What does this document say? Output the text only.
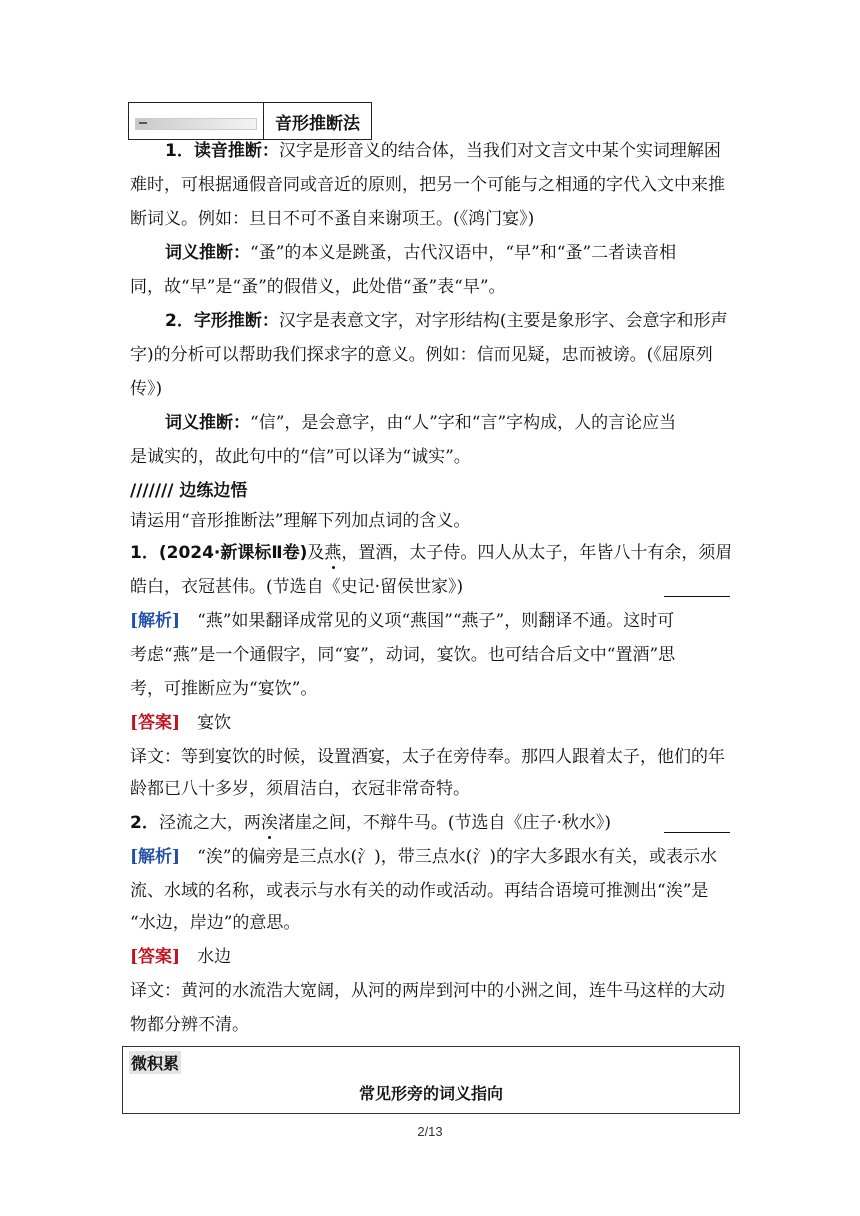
音形推断法
1．读音推断：汉字是形音义的结合体，当我们对文言文中某个实词理解困
难时，可根据通假音同或音近的原则，把另一个可能与之相通的字代入文中来推
断词义。例如：旦日不可不蚤自来谢项王。(《鸿门宴》)
词义推断：“蚤”的本义是跳蚤，古代汉语中，“早”和“蚤”二者读音相
同，故“早”是“蚤”的假借义，此处借“蚤”表“早”。
2．字形推断：汉字是表意文字，对字形结构(主要是象形字、会意字和形声
字)的分析可以帮助我们探求字的意义。例如：信而见疑，忠而被谤。(《屈原列
传》)
词义推断：“信”，是会意字，由“人”字和“言”字构成，人的言论应当
是诚实的，故此句中的“信”可以译为“诚实”。
/////// 边练边悟
请运用“音形推断法”理解下列加点词的含义。
1．(2024·新课标Ⅱ卷)及燕，置酒，太子侍。四人从太子，年皆八十有余，须眉
皓白，衣冠甚伟。(节选自《史记·留侯世家》)
[解析]　 “燕”如果翻译成常见的义项“燕国”“燕子”，则翻译不通。这时可
考虑“燕”是一个通假字，同“宴”，动词，宴饮。也可结合后文中“置酒”思
考，可推断应为“宴饮”。
[答案]　 宴饮
译文：等到宴饮的时候，设置酒宴，太子在旁侍奉。那四人跟着太子，他们的年
龄都已八十多岁，须眉洁白，衣冠非常奇特。
2．泾流之大，两涘渚崖之间，不辩牛马。(节选自《庄子·秋水》)
[解析]　 “涘”的偏旁是三点水(氵)，带三点水(氵)的字大多跟水有关，或表示水
流、水域的名称，或表示与水有关的动作或活动。再结合语境可推测出“涘”是
“水边，岸边”的意思。
[答案]　 水边
译文：黄河的水流浩大宽阔，从河的两岸到河中的小洲之间，连牛马这样的大动
物都分辨不清。
微积累
常见形旁的词义指向
2/13
